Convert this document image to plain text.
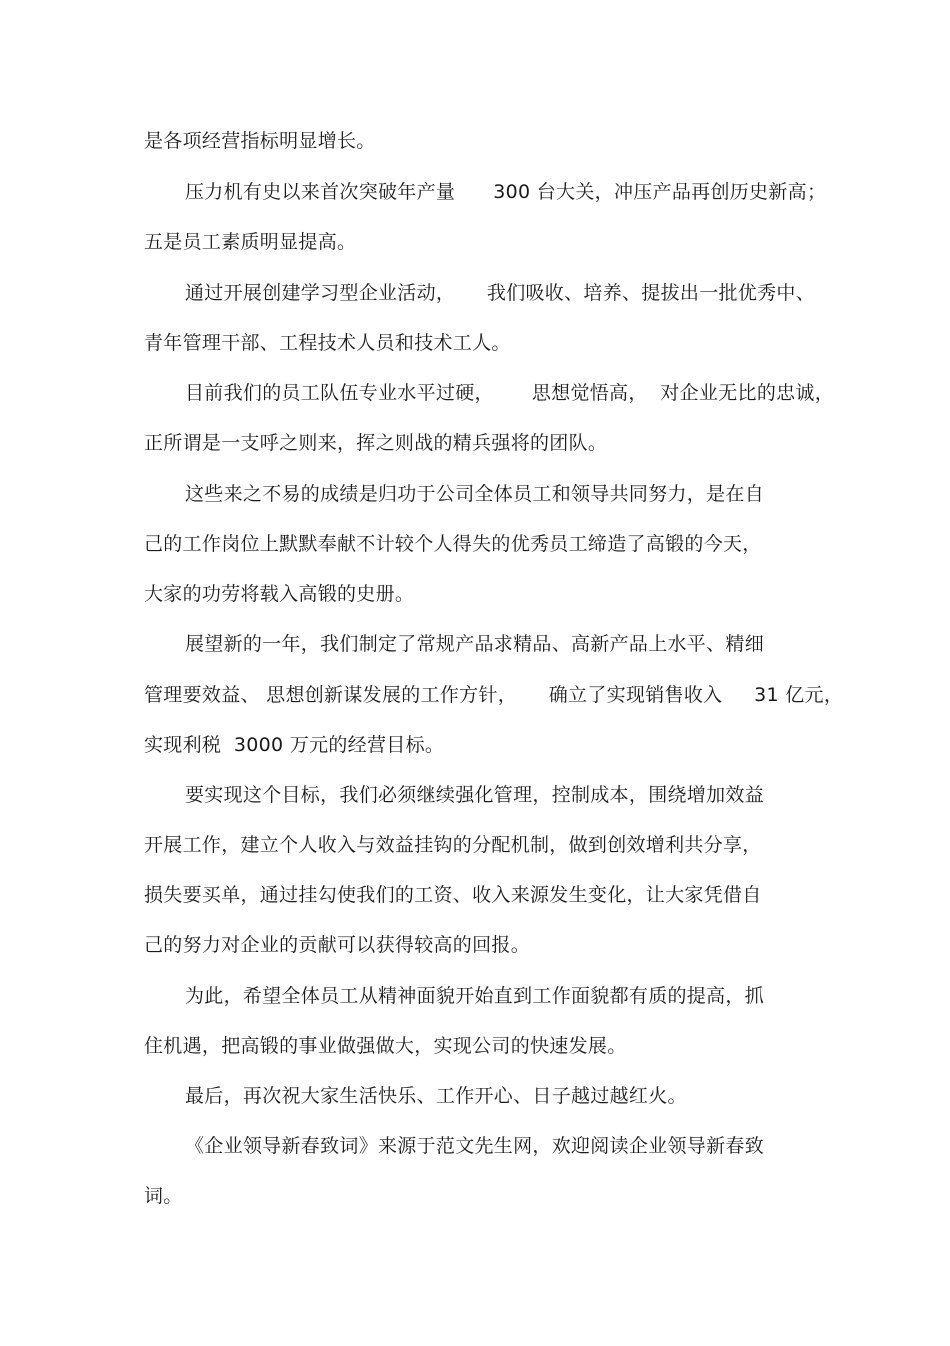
是各项经营指标明显增长。
压力机有史以来首次突破年产量      300 台大关，冲压产品再创历史新高；
五是员工素质明显提高。
通过开展创建学习型企业活动，     我们吸收、培养、提拔出一批优秀中、
青年管理干部、工程技术人员和技术工人。
目前我们的员工队伍专业水平过硬，      思想觉悟高，  对企业无比的忠诚，
正所谓是一支呼之则来，挥之则战的精兵强将的团队。
这些来之不易的成绩是归功于公司全体员工和领导共同努力，是在自
己的工作岗位上默默奉献不计较个人得失的优秀员工缔造了高锻的今天，
大家的功劳将载入高锻的史册。
展望新的一年，我们制定了常规产品求精品、高新产品上水平、精细
管理要效益、 思想创新谋发展的工作方针，     确立了实现销售收入     31 亿元，
实现利税  3000 万元的经营目标。
要实现这个目标，我们必须继续强化管理，控制成本，围绕增加效益
开展工作，建立个人收入与效益挂钩的分配机制，做到创效增利共分享，
损失要买单，通过挂勾使我们的工资、收入来源发生变化，让大家凭借自
己的努力对企业的贡献可以获得较高的回报。
为此，希望全体员工从精神面貌开始直到工作面貌都有质的提高，抓
住机遇，把高锻的事业做强做大，实现公司的快速发展。
最后，再次祝大家生活快乐、工作开心、日子越过越红火。
《企业领导新春致词》来源于范文先生网，欢迎阅读企业领导新春致
词。
